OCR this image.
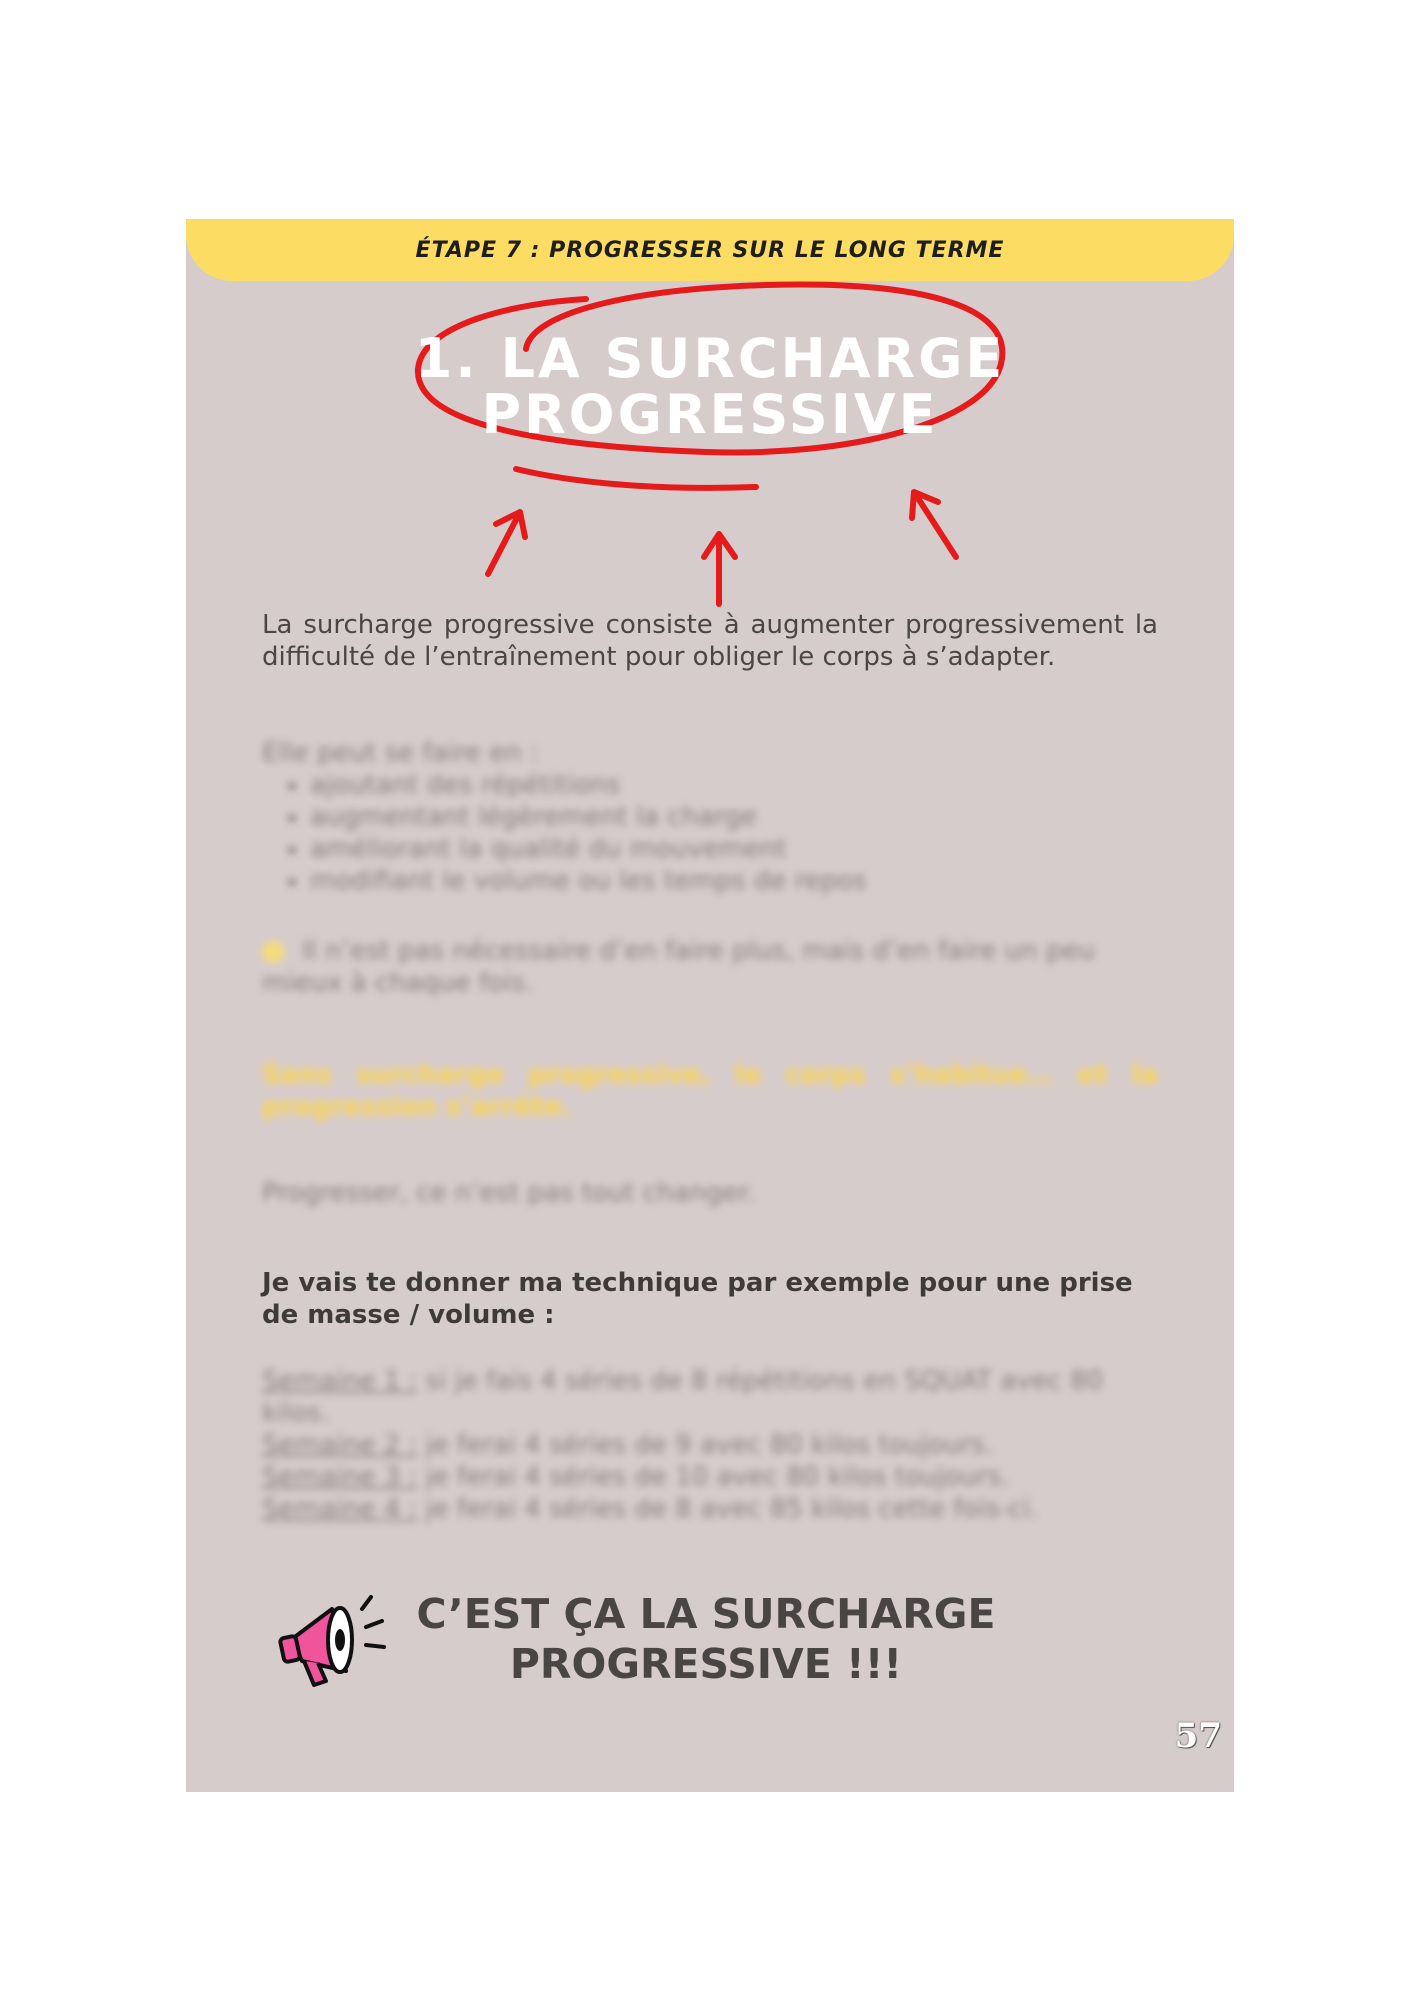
ÉTAPE 7 : PROGRESSER SUR LE LONG TERME
1. LA SURCHARGE
PROGRESSIVE
La surcharge progressive consiste à augmenter progressivement la difficulté de l’entraînement pour obliger le corps à s’adapter.
Elle peut se faire en :
• ajoutant des répétitions
• augmentant légèrement la charge
• améliorant la qualité du mouvement
• modifiant le volume ou les temps de repos
Il n’est pas nécessaire d’en faire plus, mais d’en faire un peu mieux à chaque fois.
Sans surcharge progressive, le corps s’habitue… et la progression s’arrête.
Progresser, ce n’est pas tout changer.
Je vais te donner ma technique par exemple pour une prise de masse / volume :
Semaine 1 : si je fais 4 séries de 8 répétitions en SQUAT avec 80 kilos.
Semaine 2 : je ferai 4 séries de 9 avec 80 kilos toujours.
Semaine 3 : je ferai 4 séries de 10 avec 80 kilos toujours.
Semaine 4 : je ferai 4 séries de 8 avec 85 kilos cette fois-ci.
C’EST ÇA LA SURCHARGE
PROGRESSIVE !!!
57
